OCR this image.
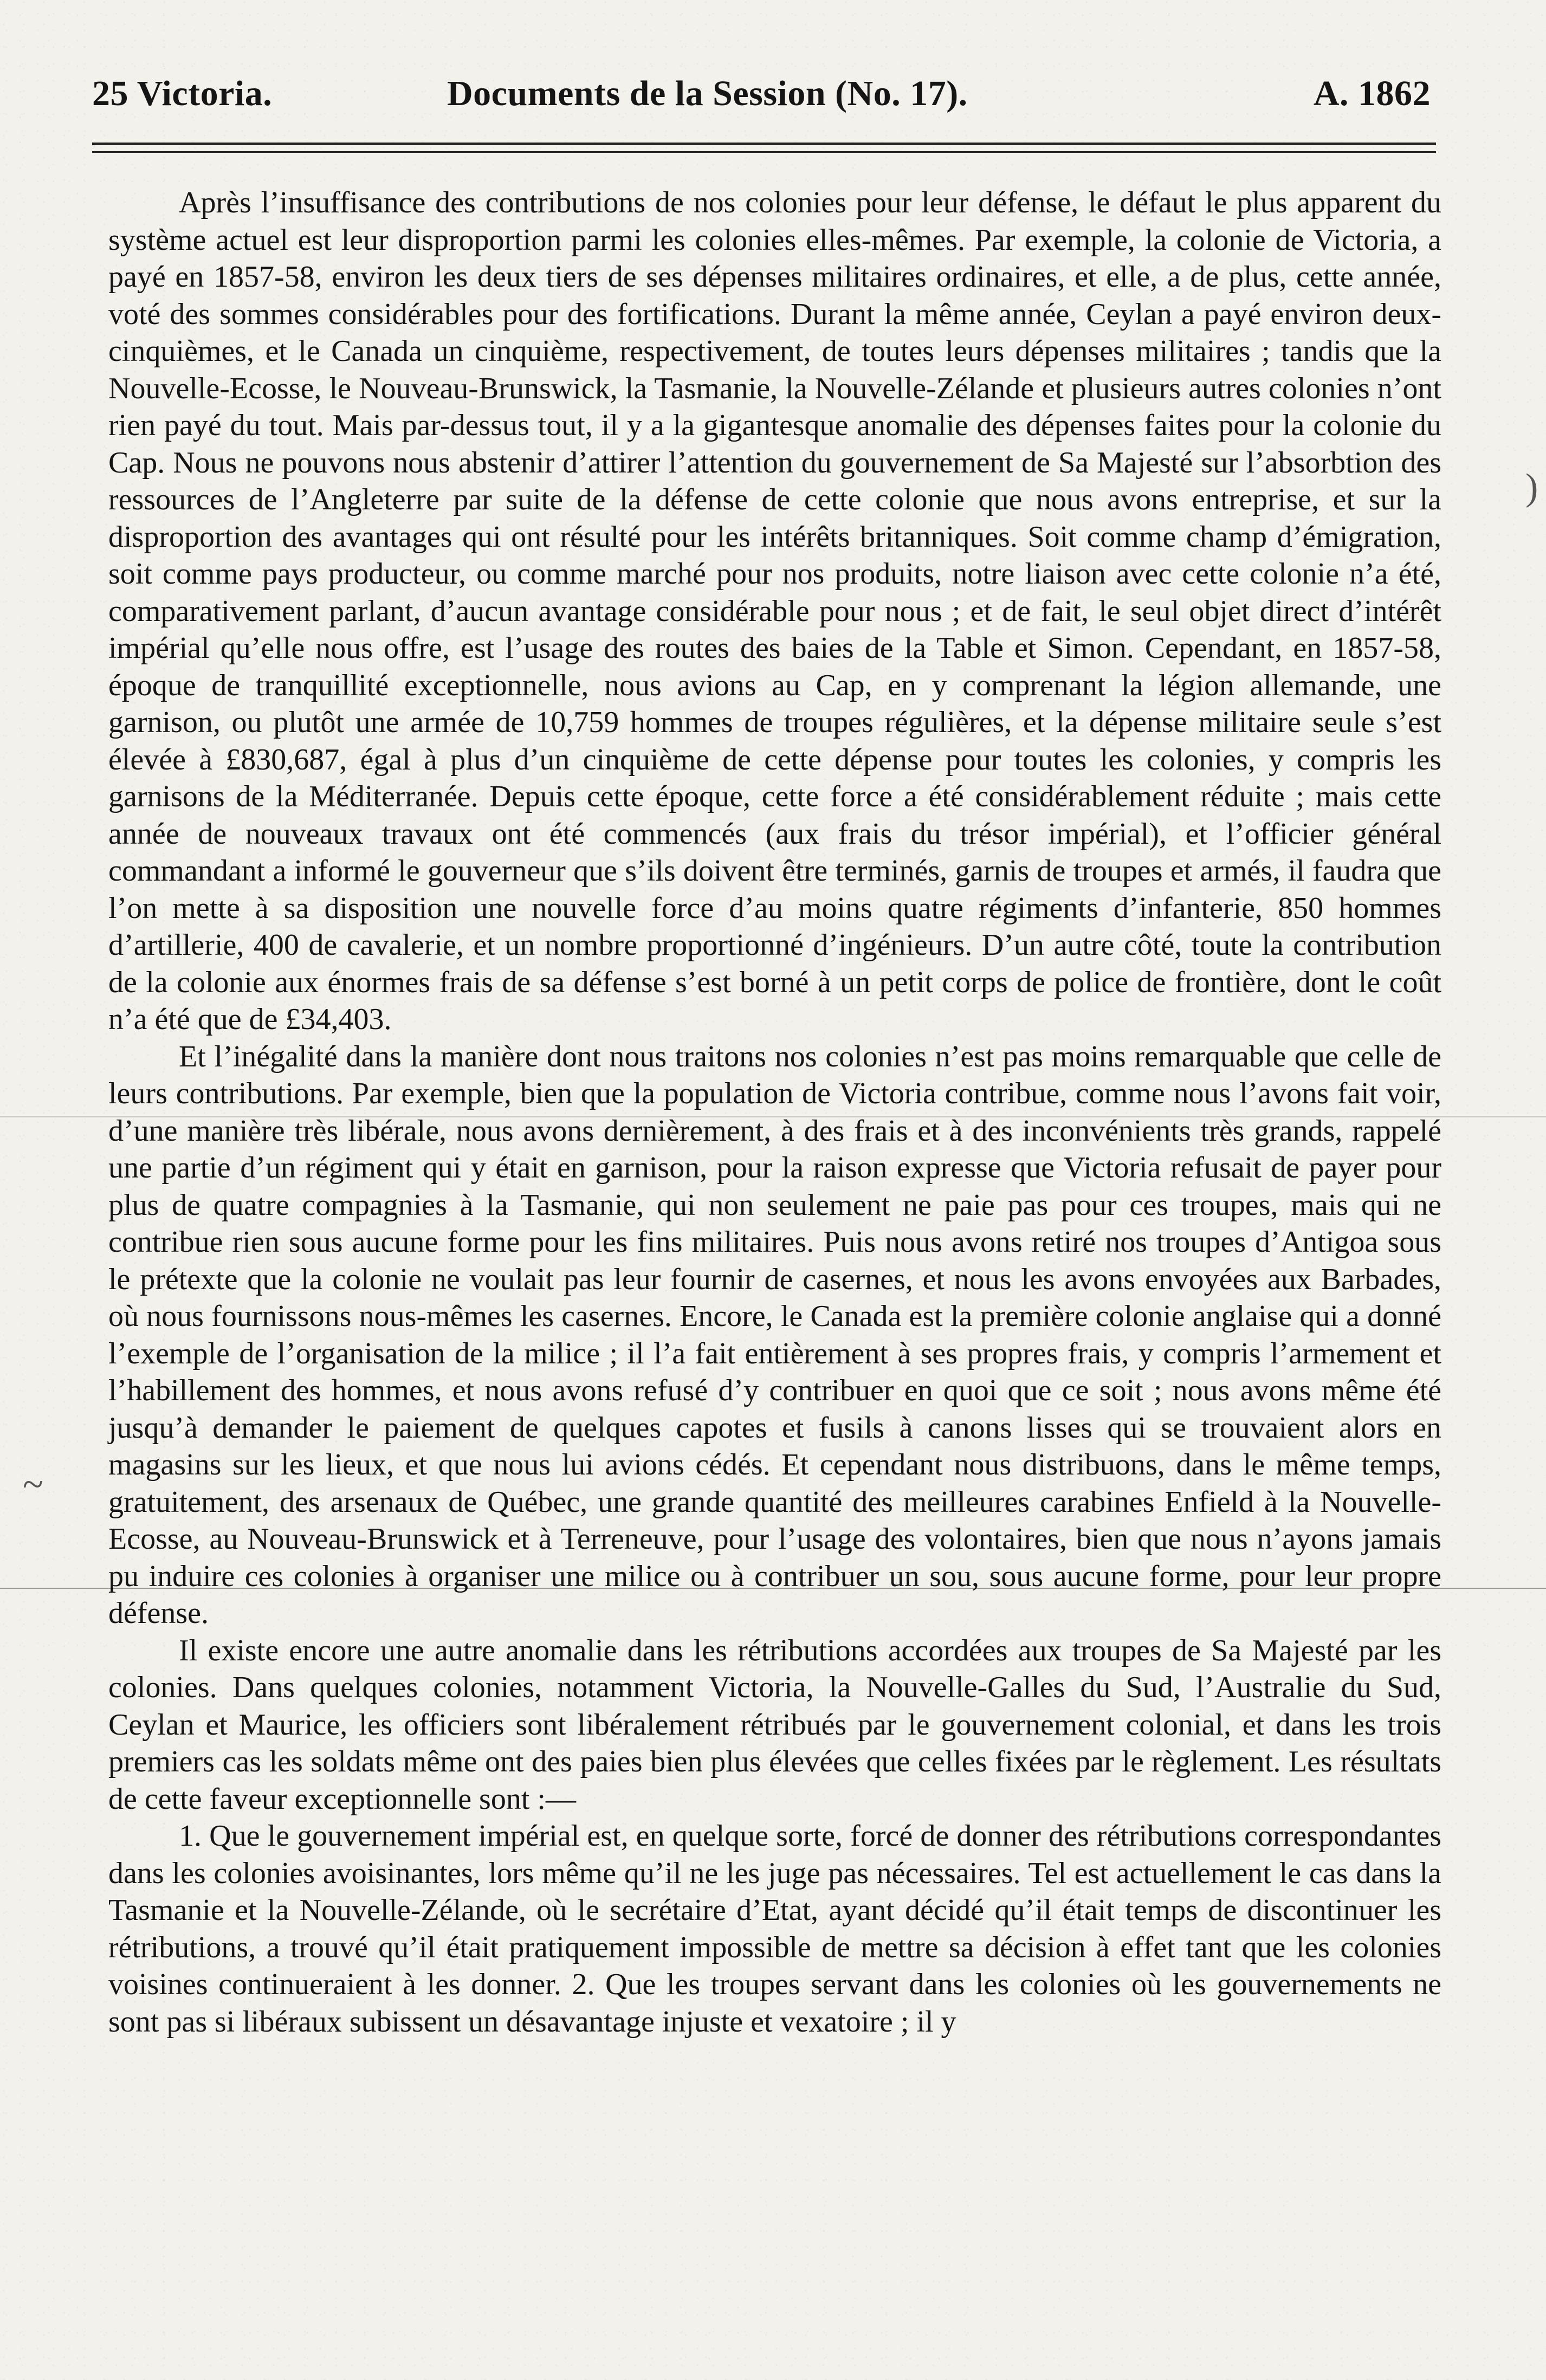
25 Victoria.	Documents de la Session (No. 17).	A. 1862

Après l’insuffisance des contributions de nos colonies pour leur défense, le défaut le plus apparent du système actuel est leur disproportion parmi les colonies elles-mêmes. Par exemple, la colonie de Victoria, a payé en 1857-58, environ les deux tiers de ses dépenses militaires ordinaires, et elle, a de plus, cette année, voté des sommes considérables pour des fortifications. Durant la même année, Ceylan a payé environ deux-cinquièmes, et le Canada un cinquième, respectivement, de toutes leurs dépenses militaires ; tandis que la Nouvelle-Ecosse, le Nouveau-Brunswick, la Tasmanie, la Nouvelle-Zélande et plusieurs autres colonies n’ont rien payé du tout. Mais par-dessus tout, il y a la gigantesque anomalie des dépenses faites pour la colonie du Cap. Nous ne pouvons nous abstenir d’attirer l’attention du gouvernement de Sa Majesté sur l’absorbtion des ressources de l’Angleterre par suite de la défense de cette colonie que nous avons entreprise, et sur la disproportion des avantages qui ont résulté pour les intérêts britanniques. Soit comme champ d’émigration, soit comme pays producteur, ou comme marché pour nos produits, notre liaison avec cette colonie n’a été, comparativement parlant, d’aucun avantage considérable pour nous ; et de fait, le seul objet direct d’intérêt impérial qu’elle nous offre, est l’usage des routes des baies de la Table et Simon. Cependant, en 1857-58, époque de tranquillité exceptionnelle, nous avions au Cap, en y comprenant la légion allemande, une garnison, ou plutôt une armée de 10,759 hommes de troupes régulières, et la dépense militaire seule s’est élevée à £830,687, égal à plus d’un cinquième de cette dépense pour toutes les colonies, y compris les garnisons de la Méditerranée. Depuis cette époque, cette force a été considérablement réduite ; mais cette année de nouveaux travaux ont été commencés (aux frais du trésor impérial), et l’officier général commandant a informé le gouverneur que s’ils doivent être terminés, garnis de troupes et armés, il faudra que l’on mette à sa disposition une nouvelle force d’au moins quatre régiments d’infanterie, 850 hommes d’artillerie, 400 de cavalerie, et un nombre proportionné d’ingénieurs. D’un autre côté, toute la contribution de la colonie aux énormes frais de sa défense s’est borné à un petit corps de police de frontière, dont le coût n’a été que de £34,403.

Et l’inégalité dans la manière dont nous traitons nos colonies n’est pas moins remarquable que celle de leurs contributions. Par exemple, bien que la population de Victoria contribue, comme nous l’avons fait voir, d’une manière très libérale, nous avons dernièrement, à des frais et à des inconvénients très grands, rappelé une partie d’un régiment qui y était en garnison, pour la raison expresse que Victoria refusait de payer pour plus de quatre compagnies à la Tasmanie, qui non seulement ne paie pas pour ces troupes, mais qui ne contribue rien sous aucune forme pour les fins militaires. Puis nous avons retiré nos troupes d’Antigoa sous le prétexte que la colonie ne voulait pas leur fournir de casernes, et nous les avons envoyées aux Barbades, où nous fournissons nous-mêmes les casernes. Encore, le Canada est la première colonie anglaise qui a donné l’exemple de l’organisation de la milice ; il l’a fait entièrement à ses propres frais, y compris l’armement et l’habillement des hommes, et nous avons refusé d’y contribuer en quoi que ce soit ; nous avons même été jusqu’à demander le paiement de quelques capotes et fusils à canons lisses qui se trouvaient alors en magasins sur les lieux, et que nous lui avions cédés. Et cependant nous distribuons, dans le même temps, gratuitement, des arsenaux de Québec, une grande quantité des meilleures carabines Enfield à la Nouvelle-Ecosse, au Nouveau-Brunswick et à Terreneuve, pour l’usage des volontaires, bien que nous n’ayons jamais pu induire ces colonies à organiser une milice ou à contribuer un sou, sous aucune forme, pour leur propre défense.

Il existe encore une autre anomalie dans les rétributions accordées aux troupes de Sa Majesté par les colonies. Dans quelques colonies, notamment Victoria, la Nouvelle-Galles du Sud, l’Australie du Sud, Ceylan et Maurice, les officiers sont libéralement rétribués par le gouvernement colonial, et dans les trois premiers cas les soldats même ont des paies bien plus élevées que celles fixées par le règlement. Les résultats de cette faveur exceptionnelle sont :—

1. Que le gouvernement impérial est, en quelque sorte, forcé de donner des rétributions correspondantes dans les colonies avoisinantes, lors même qu’il ne les juge pas nécessaires. Tel est actuellement le cas dans la Tasmanie et la Nouvelle-Zélande, où le secrétaire d’Etat, ayant décidé qu’il était temps de discontinuer les rétributions, a trouvé qu’il était pratiquement impossible de mettre sa décision à effet tant que les colonies voisines continueraient à les donner. 2. Que les troupes servant dans les colonies où les gouvernements ne sont pas si libéraux subissent un désavantage injuste et vexatoire ; il y

)
~
